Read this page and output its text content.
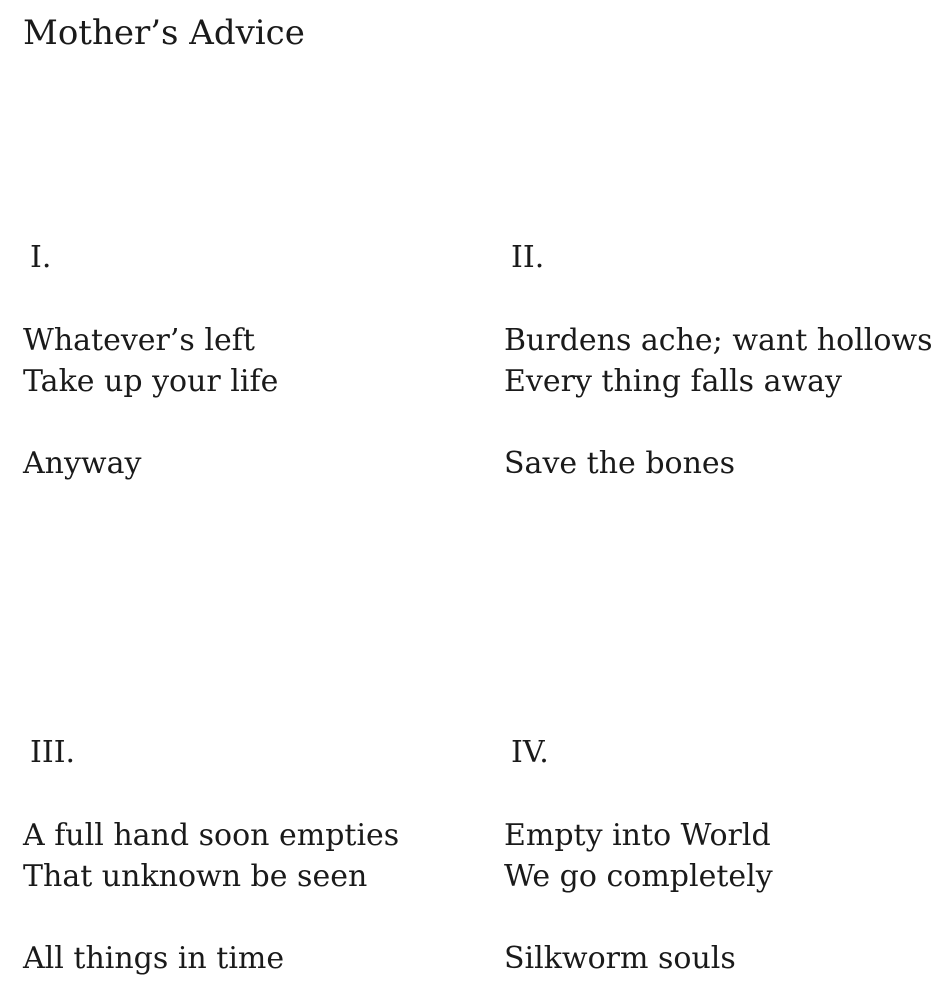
Mother’s Advice
I.

Whatever’s left
Take up your life

Anyway

II.

Burdens ache; want hollows
Every thing falls away

Save the bones

III.

A full hand soon empties
That unknown be seen

All things in time

IV.

Empty into World
We go completely

Silkworm souls
